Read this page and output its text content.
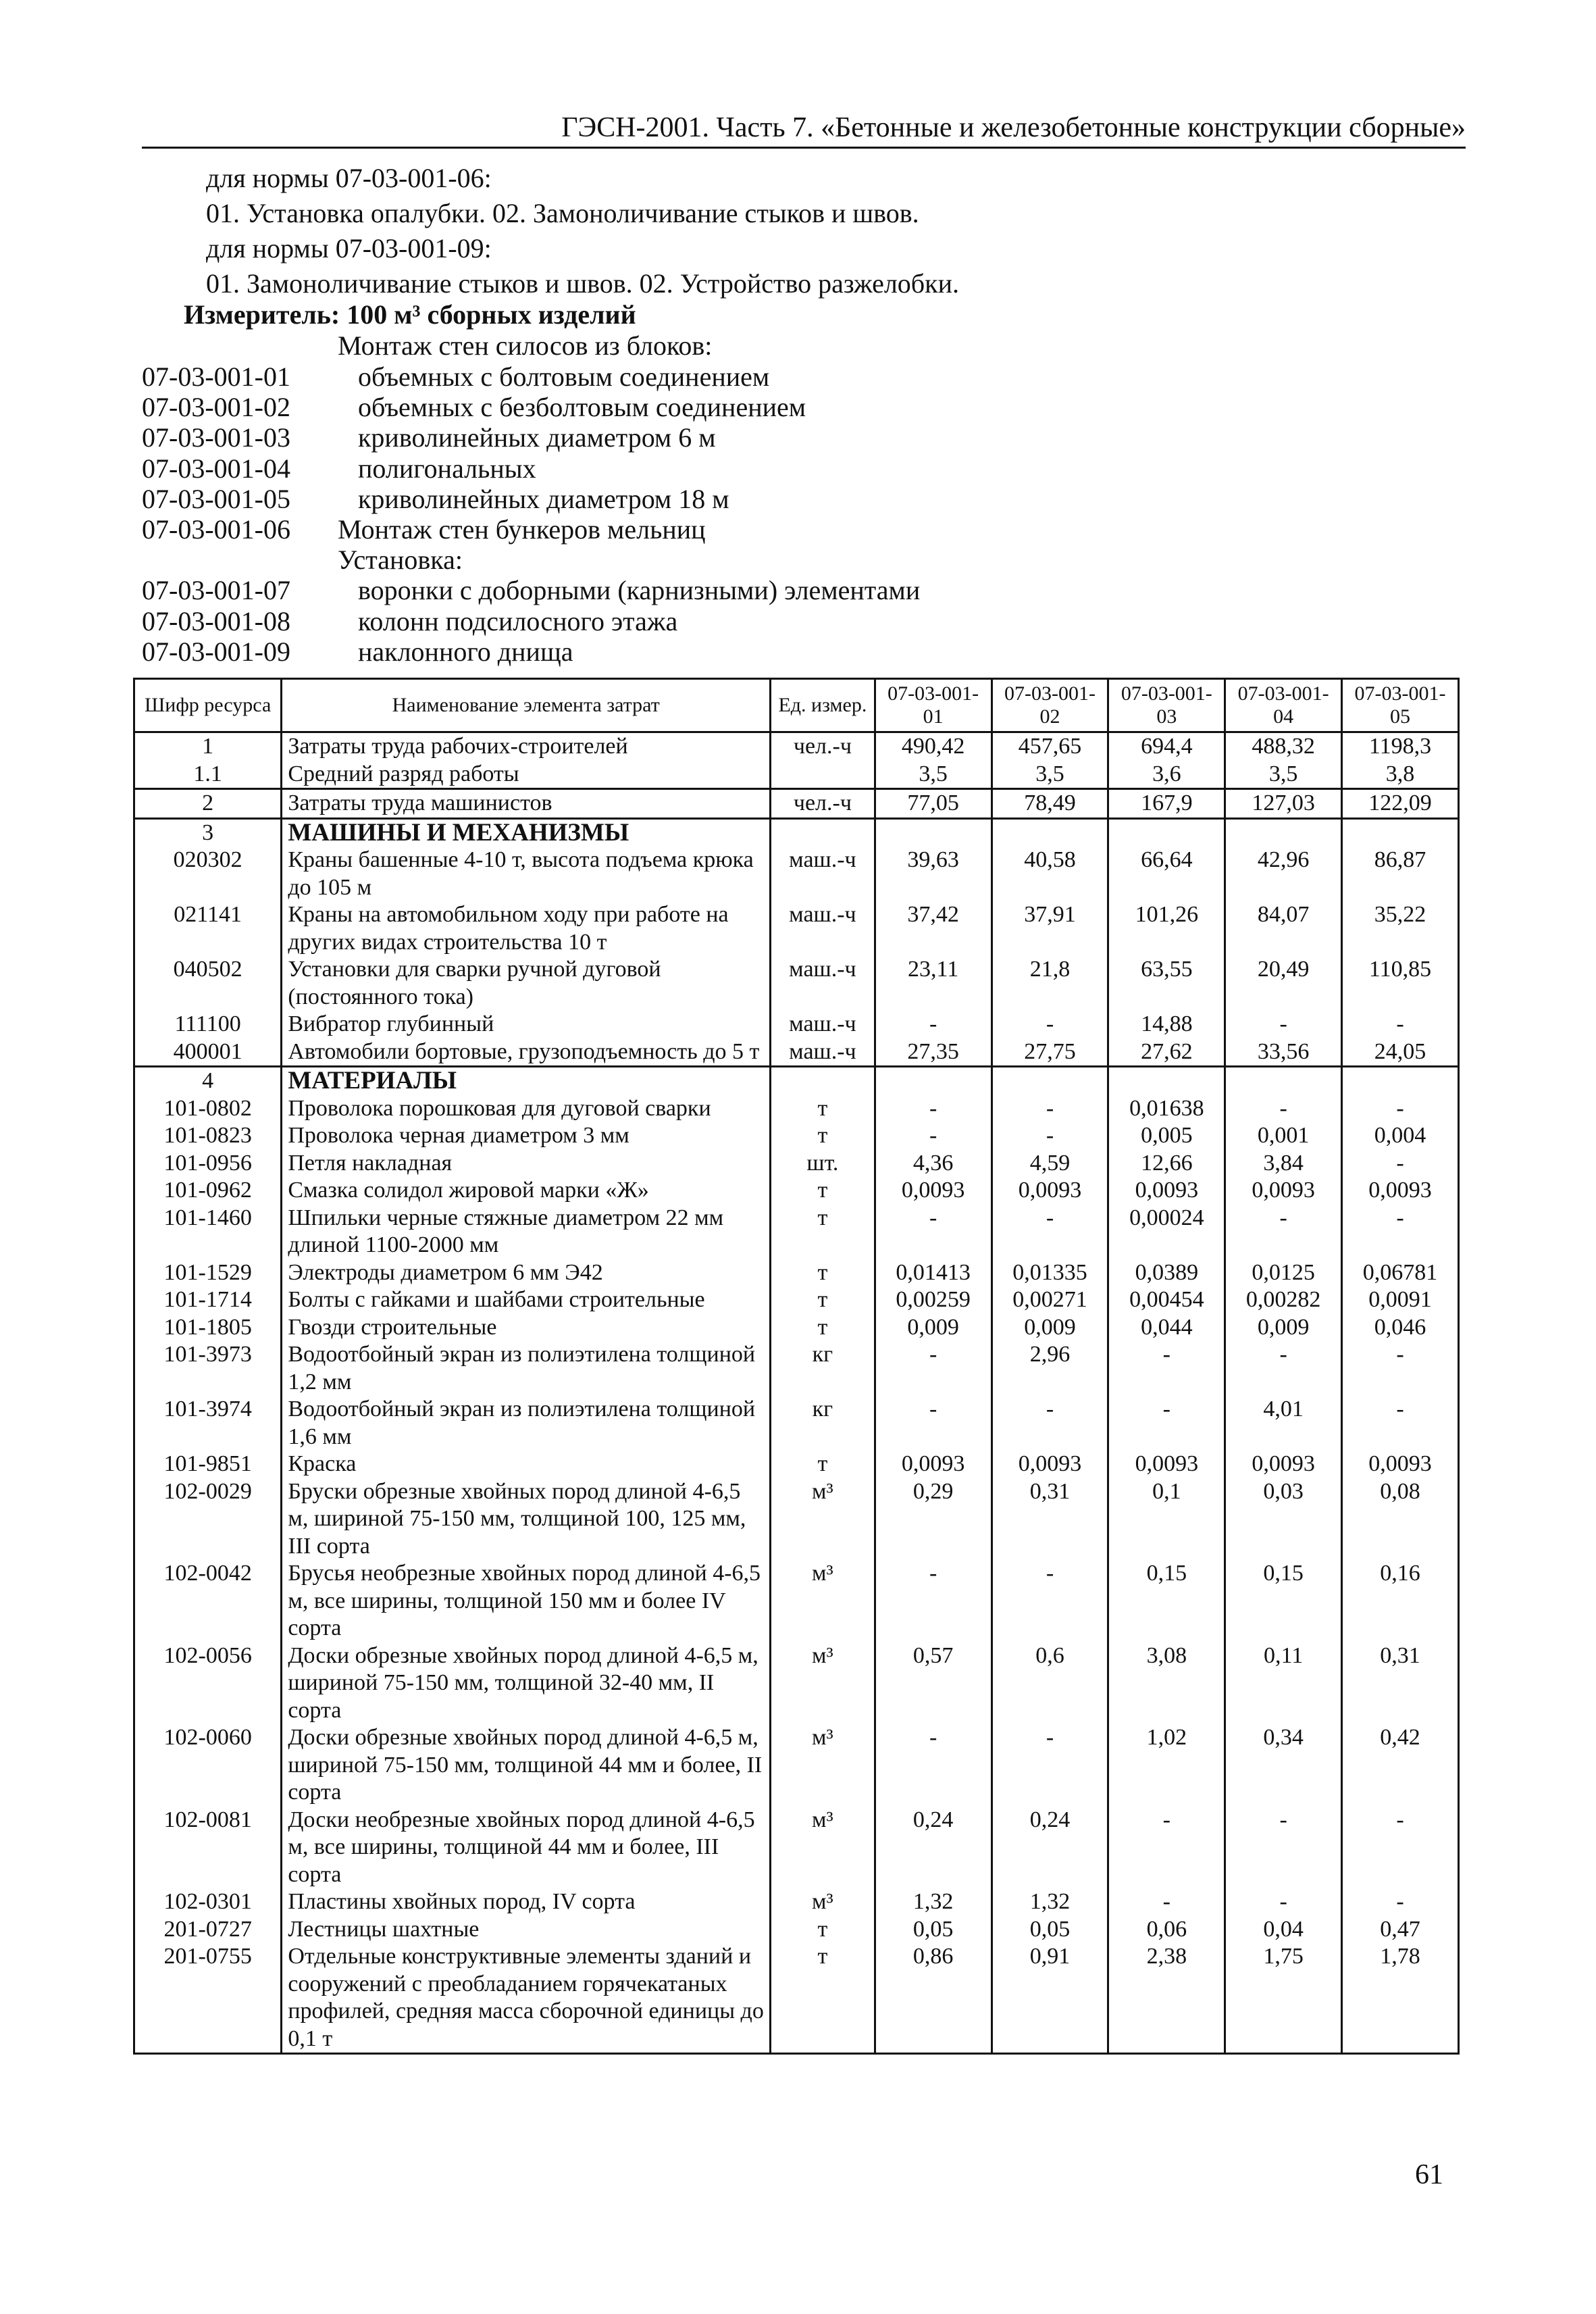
ГЭСН-2001. Часть 7. «Бетонные и железобетонные конструкции сборные»
для нормы 07-03-001-06:
01. Установка опалубки. 02. Замоноличивание стыков и швов.
для нормы 07-03-001-09:
01. Замоноличивание стыков и швов. 02. Устройство разжелобки.
Измеритель: 100 м³ сборных изделий
Монтаж стен силосов из блоков:
07-03-001-01	объемных с болтовым соединением
07-03-001-02	объемных с безболтовым соединением
07-03-001-03	криволинейных диаметром 6 м
07-03-001-04	полигональных
07-03-001-05	криволинейных диаметром 18 м
07-03-001-06 Монтаж стен бункеров мельниц
Установка:
07-03-001-07	воронки с доборными (карнизными) элементами
07-03-001-08	колонн подсилосного этажа
07-03-001-09	наклонного днища
Шифр ресурса	Наименование элемента затрат	Ед. измер.	07-03-001-01	07-03-001-02	07-03-001-03	07-03-001-04	07-03-001-05
1	Затраты труда рабочих-строителей	чел.-ч	490,42	457,65	694,4	488,32	1198,3
1.1	Средний разряд работы		3,5	3,5	3,6	3,5	3,8
2	Затраты труда машинистов	чел.-ч	77,05	78,49	167,9	127,03	122,09
3	МАШИНЫ И МЕХАНИЗМЫ						
020302	Краны башенные 4-10 т, высота подъема крюка до 105 м	маш.-ч	39,63	40,58	66,64	42,96	86,87
021141	Краны на автомобильном ходу при работе на других видах строительства 10 т	маш.-ч	37,42	37,91	101,26	84,07	35,22
040502	Установки для сварки ручной дуговой (постоянного тока)	маш.-ч	23,11	21,8	63,55	20,49	110,85
111100	Вибратор глубинный	маш.-ч	-	-	14,88	-	-
400001	Автомобили бортовые, грузоподъемность до 5 т	маш.-ч	27,35	27,75	27,62	33,56	24,05
4	МАТЕРИАЛЫ						
101-0802	Проволока порошковая для дуговой сварки	т	-	-	0,01638	-	-
101-0823	Проволока черная диаметром 3 мм	т	-	-	0,005	0,001	0,004
101-0956	Петля накладная	шт.	4,36	4,59	12,66	3,84	-
101-0962	Смазка солидол жировой марки «Ж»	т	0,0093	0,0093	0,0093	0,0093	0,0093
101-1460	Шпильки черные стяжные диаметром 22 мм длиной 1100-2000 мм	т	-	-	0,00024	-	-
101-1529	Электроды диаметром 6 мм Э42	т	0,01413	0,01335	0,0389	0,0125	0,06781
101-1714	Болты с гайками и шайбами строительные	т	0,00259	0,00271	0,00454	0,00282	0,0091
101-1805	Гвозди строительные	т	0,009	0,009	0,044	0,009	0,046
101-3973	Водоотбойный экран из полиэтилена толщиной 1,2 мм	кг	-	2,96	-	-	-
101-3974	Водоотбойный экран из полиэтилена толщиной 1,6 мм	кг	-	-	-	4,01	-
101-9851	Краска	т	0,0093	0,0093	0,0093	0,0093	0,0093
102-0029	Бруски обрезные хвойных пород длиной 4-6,5 м, шириной 75-150 мм, толщиной 100, 125 мм, III сорта	м³	0,29	0,31	0,1	0,03	0,08
102-0042	Брусья необрезные хвойных пород длиной 4-6,5 м, все ширины, толщиной 150 мм и более IV сорта	м³	-	-	0,15	0,15	0,16
102-0056	Доски обрезные хвойных пород длиной 4-6,5 м, шириной 75-150 мм, толщиной 32-40 мм, II сорта	м³	0,57	0,6	3,08	0,11	0,31
102-0060	Доски обрезные хвойных пород длиной 4-6,5 м, шириной 75-150 мм, толщиной 44 мм и более, II сорта	м³	-	-	1,02	0,34	0,42
102-0081	Доски необрезные хвойных пород длиной 4-6,5 м, все ширины, толщиной 44 мм и более, III сорта	м³	0,24	0,24	-	-	-
102-0301	Пластины хвойных пород, IV сорта	м³	1,32	1,32	-	-	-
201-0727	Лестницы шахтные	т	0,05	0,05	0,06	0,04	0,47
201-0755	Отдельные конструктивные элементы зданий и сооружений с преобладанием горячекатаных профилей, средняя масса сборочной единицы до 0,1 т	т	0,86	0,91	2,38	1,75	1,78
61
